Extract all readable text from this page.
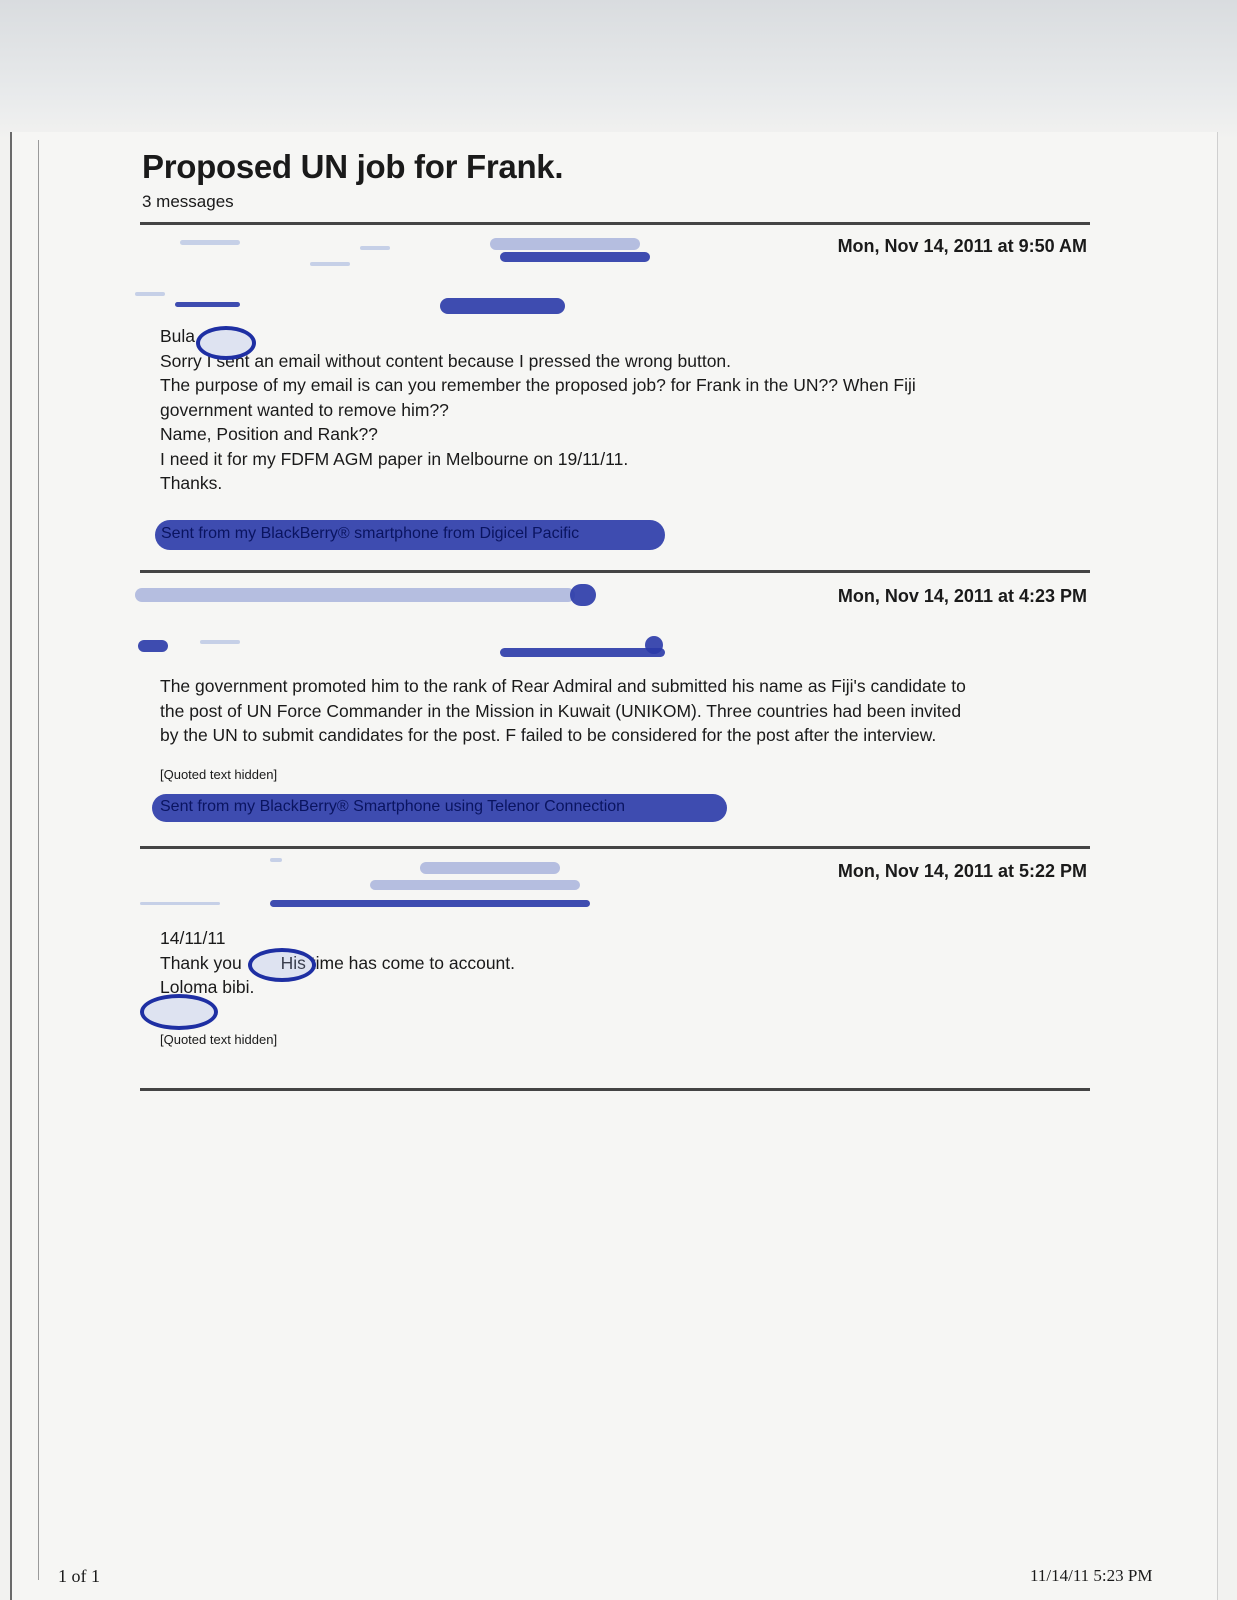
Proposed UN job for Frank.
3 messages
Mon, Nov 14, 2011 at 9:50 AM
Bula
Sorry I sent an email without content because I pressed the wrong button.
The purpose of my email is can you remember the proposed job? for Frank in the UN?? When Fiji
government wanted to remove him??
Name, Position and Rank??
I need it for my FDFM AGM paper in Melbourne on 19/11/11.
Thanks.
Sent from my BlackBerry® smartphone from Digicel Pacific
Mon, Nov 14, 2011 at 4:23 PM
The government promoted him to the rank of Rear Admiral and submitted his name as Fiji's candidate to
the post of UN Force Commander in the Mission in Kuwait (UNIKOM). Three countries had been invited
by the UN to submit candidates for the post. F failed to be considered for the post after the interview.
[Quoted text hidden]
Sent from my BlackBerry® Smartphone using Telenor Connection
Mon, Nov 14, 2011 at 5:22 PM
14/11/11
Thank you        His time has come to account.
Loloma bibi.
[Quoted text hidden]
1 of 1	11/14/11 5:23 PM
